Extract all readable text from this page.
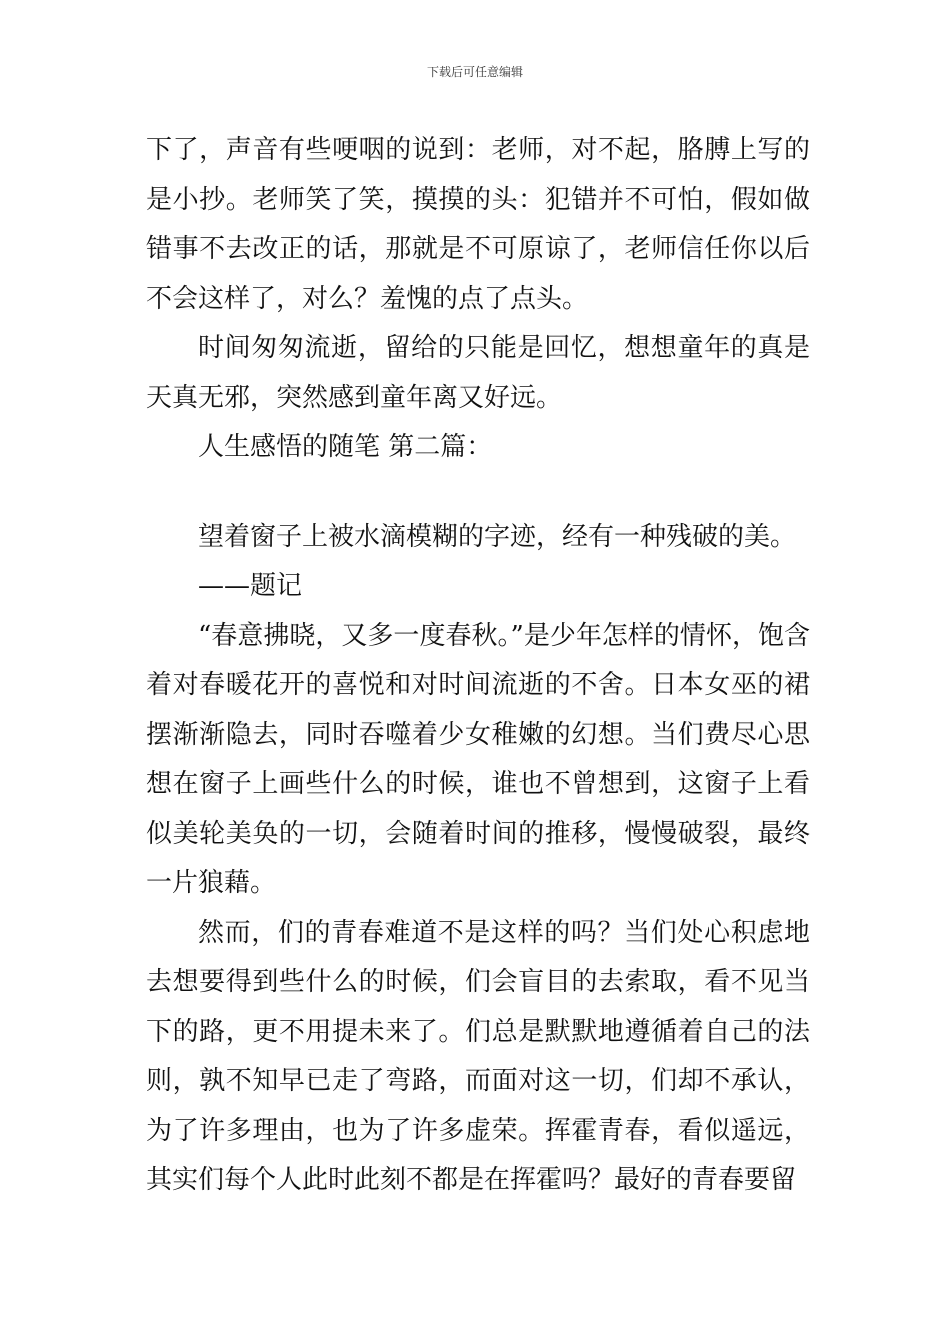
下载后可任意编辑

下了，声音有些哽咽的说到：老师，对不起，胳膊上写的是小抄。老师笑了笑，摸摸的头：犯错并不可怕，假如做错事不去改正的话，那就是不可原谅了，老师信任你以后不会这样了，对么？羞愧的点了点头。

时间匆匆流逝，留给的只能是回忆，想想童年的真是天真无邪，突然感到童年离又好远。

人生感悟的随笔 第二篇：

望着窗子上被水滴模糊的字迹，经有一种残破的美。

——题记

“春意拂晓，又多一度春秋。”是少年怎样的情怀，饱含着对春暖花开的喜悦和对时间流逝的不舍。日本女巫的裙摆渐渐隐去，同时吞噬着少女稚嫩的幻想。当们费尽心思想在窗子上画些什么的时候，谁也不曾想到，这窗子上看似美轮美奂的一切，会随着时间的推移，慢慢破裂，最终一片狼藉。

然而，们的青春难道不是这样的吗？当们处心积虑地去想要得到些什么的时候，们会盲目的去索取，看不见当下的路，更不用提未来了。们总是默默地遵循着自己的法则，孰不知早已走了弯路，而面对这一切，们却不承认，为了许多理由，也为了许多虚荣。挥霍青春，看似遥远，其实们每个人此时此刻不都是在挥霍吗？最好的青春要留
